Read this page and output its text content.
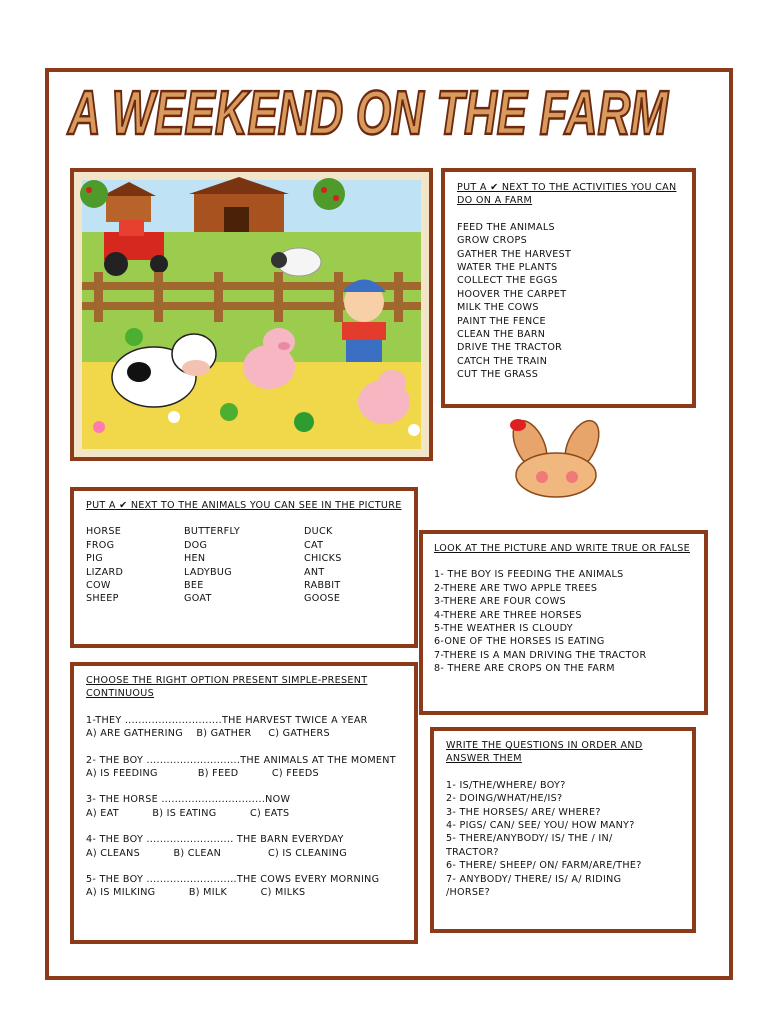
A WEEKEND ON THE FARM
PUT A ✔ NEXT TO THE ACTIVITIES YOU CAN DO ON A FARM
FEED THE ANIMALS
GROW CROPS
GATHER THE HARVEST
WATER THE PLANTS
COLLECT THE EGGS
HOOVER THE CARPET
MILK THE COWS
PAINT THE FENCE
CLEAN THE BARN
DRIVE THE TRACTOR
CATCH THE TRAIN
CUT THE GRASS
PUT A ✔ NEXT TO THE ANIMALS YOU CAN SEE IN THE PICTURE
HORSE
FROG
PIG
LIZARD
COW
SHEEP
BUTTERFLY
DOG
HEN
LADYBUG
BEE
GOAT
DUCK
CAT
CHICKS
ANT
RABBIT
GOOSE
LOOK AT THE PICTURE AND WRITE TRUE OR FALSE
1- THE BOY IS FEEDING THE ANIMALS
2-THERE ARE TWO APPLE TREES
3-THERE ARE FOUR COWS
4-THERE ARE THREE HORSES
5-THE WEATHER IS CLOUDY
6-ONE OF THE HORSES IS EATING
7-THERE IS A MAN DRIVING THE TRACTOR
8- THERE ARE CROPS ON THE FARM
CHOOSE THE RIGHT OPTION PRESENT SIMPLE-PRESENT CONTINUOUS
1-THEY .............................THE HARVEST TWICE A YEAR
A) ARE GATHERING    B) GATHER     C) GATHERS
2- THE BOY ............................THE ANIMALS AT THE MOMENT
A) IS FEEDING            B) FEED          C) FEEDS
3- THE HORSE ...............................NOW
A) EAT          B) IS EATING          C) EATS
4- THE BOY .......................... THE BARN EVERYDAY
A) CLEANS          B) CLEAN              C) IS CLEANING
5- THE BOY ...........................THE COWS EVERY MORNING
A) IS MILKING          B) MILK          C) MILKS
WRITE THE QUESTIONS IN ORDER AND ANSWER THEM
1- IS/THE/WHERE/ BOY?
2- DOING/WHAT/HE/IS?
3- THE HORSES/ ARE/ WHERE?
4- PIGS/ CAN/ SEE/ YOU/ HOW MANY?
5- THERE/ANYBODY/ IS/ THE / IN/
TRACTOR?
6- THERE/ SHEEP/ ON/ FARM/ARE/THE?
7- ANYBODY/ THERE/ IS/ A/ RIDING
/HORSE?
